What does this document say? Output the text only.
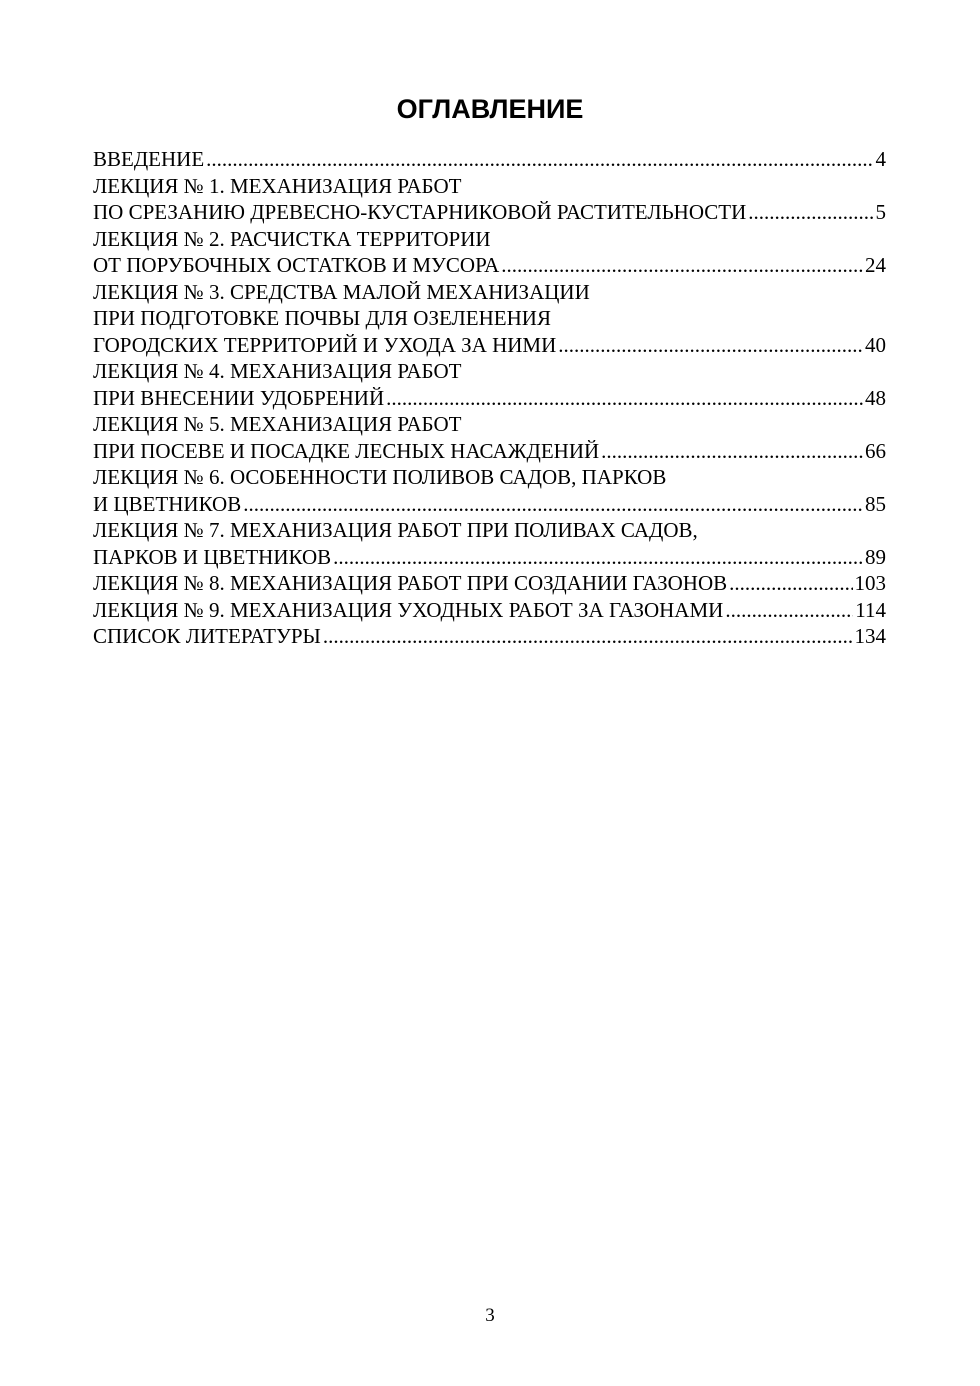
ОГЛАВЛЕНИЕ
ВВЕДЕНИЕ .....	4
ЛЕКЦИЯ № 1. МЕХАНИЗАЦИЯ РАБОТ
ПО СРЕЗАНИЮ ДРЕВЕСНО-КУСТАРНИКОВОЙ РАСТИТЕЛЬНОСТИ .....	5
ЛЕКЦИЯ № 2. РАСЧИСТКА ТЕРРИТОРИИ
ОТ ПОРУБОЧНЫХ ОСТАТКОВ И МУСОРА .....	24
ЛЕКЦИЯ № 3. СРЕДСТВА МАЛОЙ МЕХАНИЗАЦИИ
ПРИ ПОДГОТОВКЕ ПОЧВЫ ДЛЯ ОЗЕЛЕНЕНИЯ
ГОРОДСКИХ ТЕРРИТОРИЙ И УХОДА ЗА НИМИ .....	40
ЛЕКЦИЯ № 4. МЕХАНИЗАЦИЯ РАБОТ
ПРИ ВНЕСЕНИИ УДОБРЕНИЙ .....	48
ЛЕКЦИЯ № 5. МЕХАНИЗАЦИЯ РАБОТ
ПРИ ПОСЕВЕ И ПОСАДКЕ ЛЕСНЫХ НАСАЖДЕНИЙ .....	66
ЛЕКЦИЯ № 6. ОСОБЕННОСТИ ПОЛИВОВ САДОВ, ПАРКОВ
И ЦВЕТНИКОВ .....	85
ЛЕКЦИЯ № 7. МЕХАНИЗАЦИЯ РАБОТ ПРИ ПОЛИВАХ САДОВ,
ПАРКОВ И ЦВЕТНИКОВ .....	89
ЛЕКЦИЯ № 8. МЕХАНИЗАЦИЯ РАБОТ ПРИ СОЗДАНИИ ГАЗОНОВ .....	103
ЛЕКЦИЯ № 9. МЕХАНИЗАЦИЯ УХОДНЫХ РАБОТ ЗА ГАЗОНАМИ .....	114
СПИСОК ЛИТЕРАТУРЫ .....	134
3
